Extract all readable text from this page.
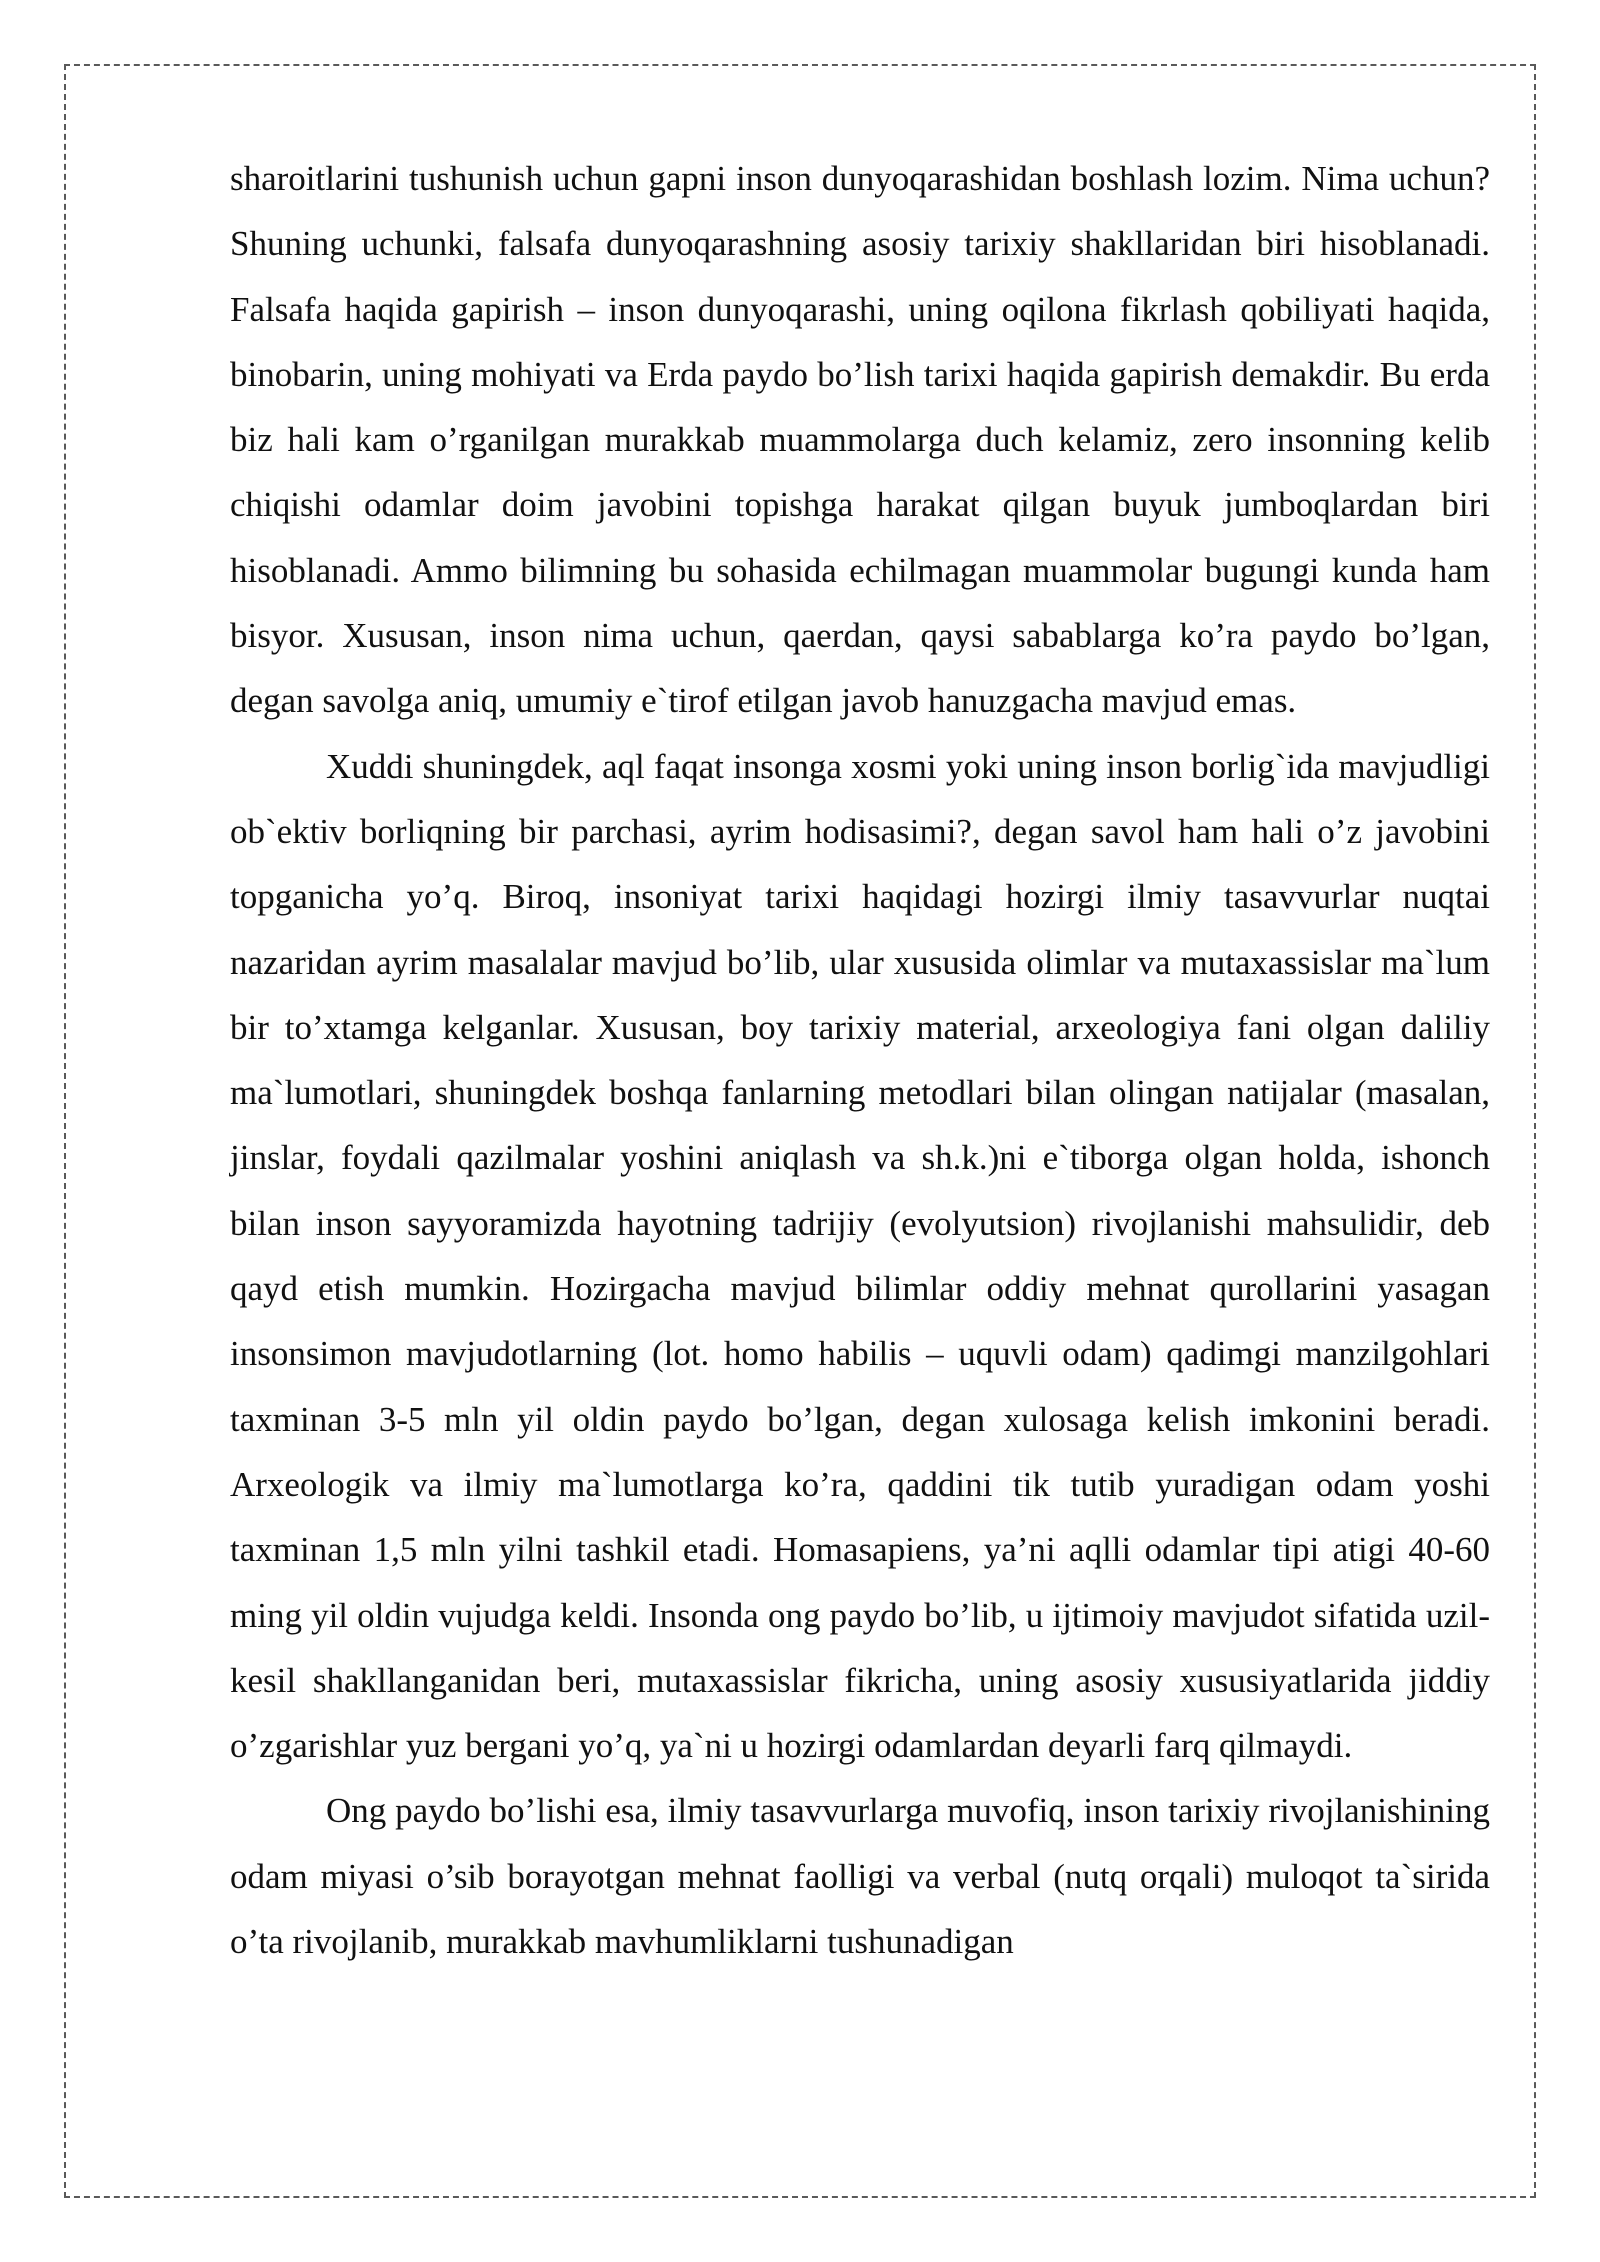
sharoitlarini tushunish uchun gapni inson dunyoqarashidan boshlash lozim. Nima uchun? Shuning uchunki, falsafa dunyoqarashning asosiy tarixiy shakllaridan biri hisoblanadi. Falsafa haqida gapirish – inson dunyoqarashi, uning oqilona fikrlash qobiliyati haqida, binobarin, uning mohiyati va Erda paydo bo’lish tarixi haqida gapirish demakdir. Bu erda biz hali kam o’rganilgan murakkab muammolarga duch kelamiz, zero insonning kelib chiqishi odamlar doim javobini topishga harakat qilgan buyuk jumboqlardan biri hisoblanadi. Ammo bilimning bu sohasida echilmagan muammolar bugungi kunda ham bisyor. Xususan, inson nima uchun, qaerdan, qaysi sabablarga ko’ra paydo bo’lgan, degan savolga aniq, umumiy e`tirof etilgan javob hanuzgacha mavjud emas.

Xuddi shuningdek, aql faqat insonga xosmi yoki uning inson borlig`ida mavjudligi ob`ektiv borliqning bir parchasi, ayrim hodisasimi?, degan savol ham hali o’z javobini topganicha yo’q. Biroq, insoniyat tarixi haqidagi hozirgi ilmiy tasavvurlar nuqtai nazaridan ayrim masalalar mavjud bo’lib, ular xususida olimlar va mutaxassislar ma`lum bir to’xtamga kelganlar. Xususan, boy tarixiy material, arxeologiya fani olgan daliliy ma`lumotlari, shuningdek boshqa fanlarning metodlari bilan olingan natijalar (masalan, jinslar, foydali qazilmalar yoshini aniqlash va sh.k.)ni e`tiborga olgan holda, ishonch bilan inson sayyoramizda hayotning tadrijiy (evolyutsion) rivojlanishi mahsulidir, deb qayd etish mumkin. Hozirgacha mavjud bilimlar oddiy mehnat qurollarini yasagan insonsimon mavjudotlarning (lot. homo habilis – uquvli odam) qadimgi manzilgohlari taxminan 3-5 mln yil oldin paydo bo’lgan, degan xulosaga kelish imkonini beradi. Arxeologik va ilmiy ma`lumotlarga ko’ra, qaddini tik tutib yuradigan odam yoshi taxminan 1,5 mln yilni tashkil etadi. Homasapiens, ya’ni aqlli odamlar tipi atigi 40-60 ming yil oldin vujudga keldi. Insonda ong paydo bo’lib, u ijtimoiy mavjudot sifatida uzil-kesil shakllanganidan beri, mutaxassislar fikricha, uning asosiy xususiyatlarida jiddiy o’zgarishlar yuz bergani yo’q, ya`ni u hozirgi odamlardan deyarli farq qilmaydi.

Ong paydo bo’lishi esa, ilmiy tasavvurlarga muvofiq, inson tarixiy rivojlanishining odam miyasi o’sib borayotgan mehnat faolligi va verbal (nutq orqali) muloqot ta`sirida o’ta rivojlanib, murakkab mavhumliklarni tushunadigan
